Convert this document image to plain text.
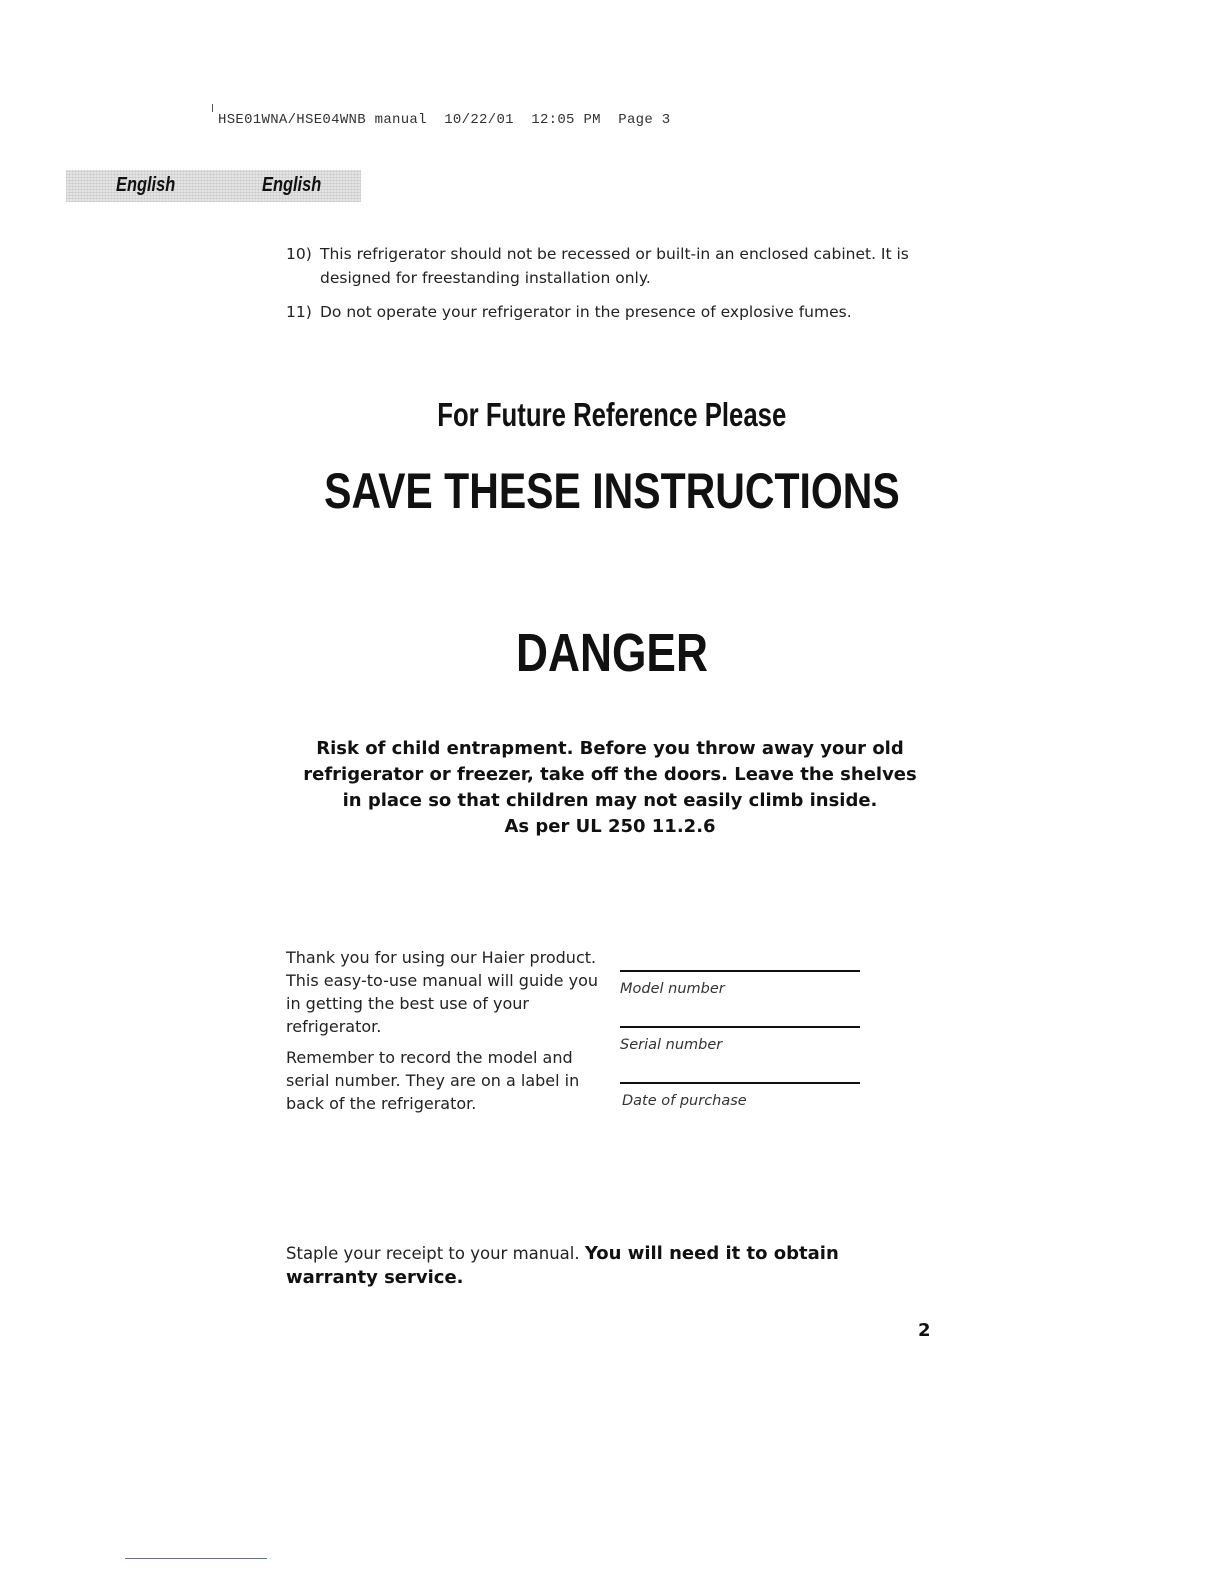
HSE01WNA/HSE04WNB manual  10/22/01  12:05 PM  Page 3
English	English
10) This refrigerator should not be recessed or built-in an enclosed cabinet. It is designed for freestanding installation only.
11) Do not operate your refrigerator in the presence of explosive fumes.
For Future Reference Please
SAVE THESE INSTRUCTIONS
DANGER
Risk of child entrapment. Before you throw away your old
refrigerator or freezer, take off the doors. Leave the shelves
in place so that children may not easily climb inside.
As per UL 250 11.2.6

Thank you for using our Haier product. This easy-to-use manual will guide you in getting the best use of your refrigerator.

Remember to record the model and serial number. They are on a label in back of the refrigerator.

Model number
Serial number
Date of purchase
Staple your receipt to your manual. You will need it to obtain warranty service.
2
